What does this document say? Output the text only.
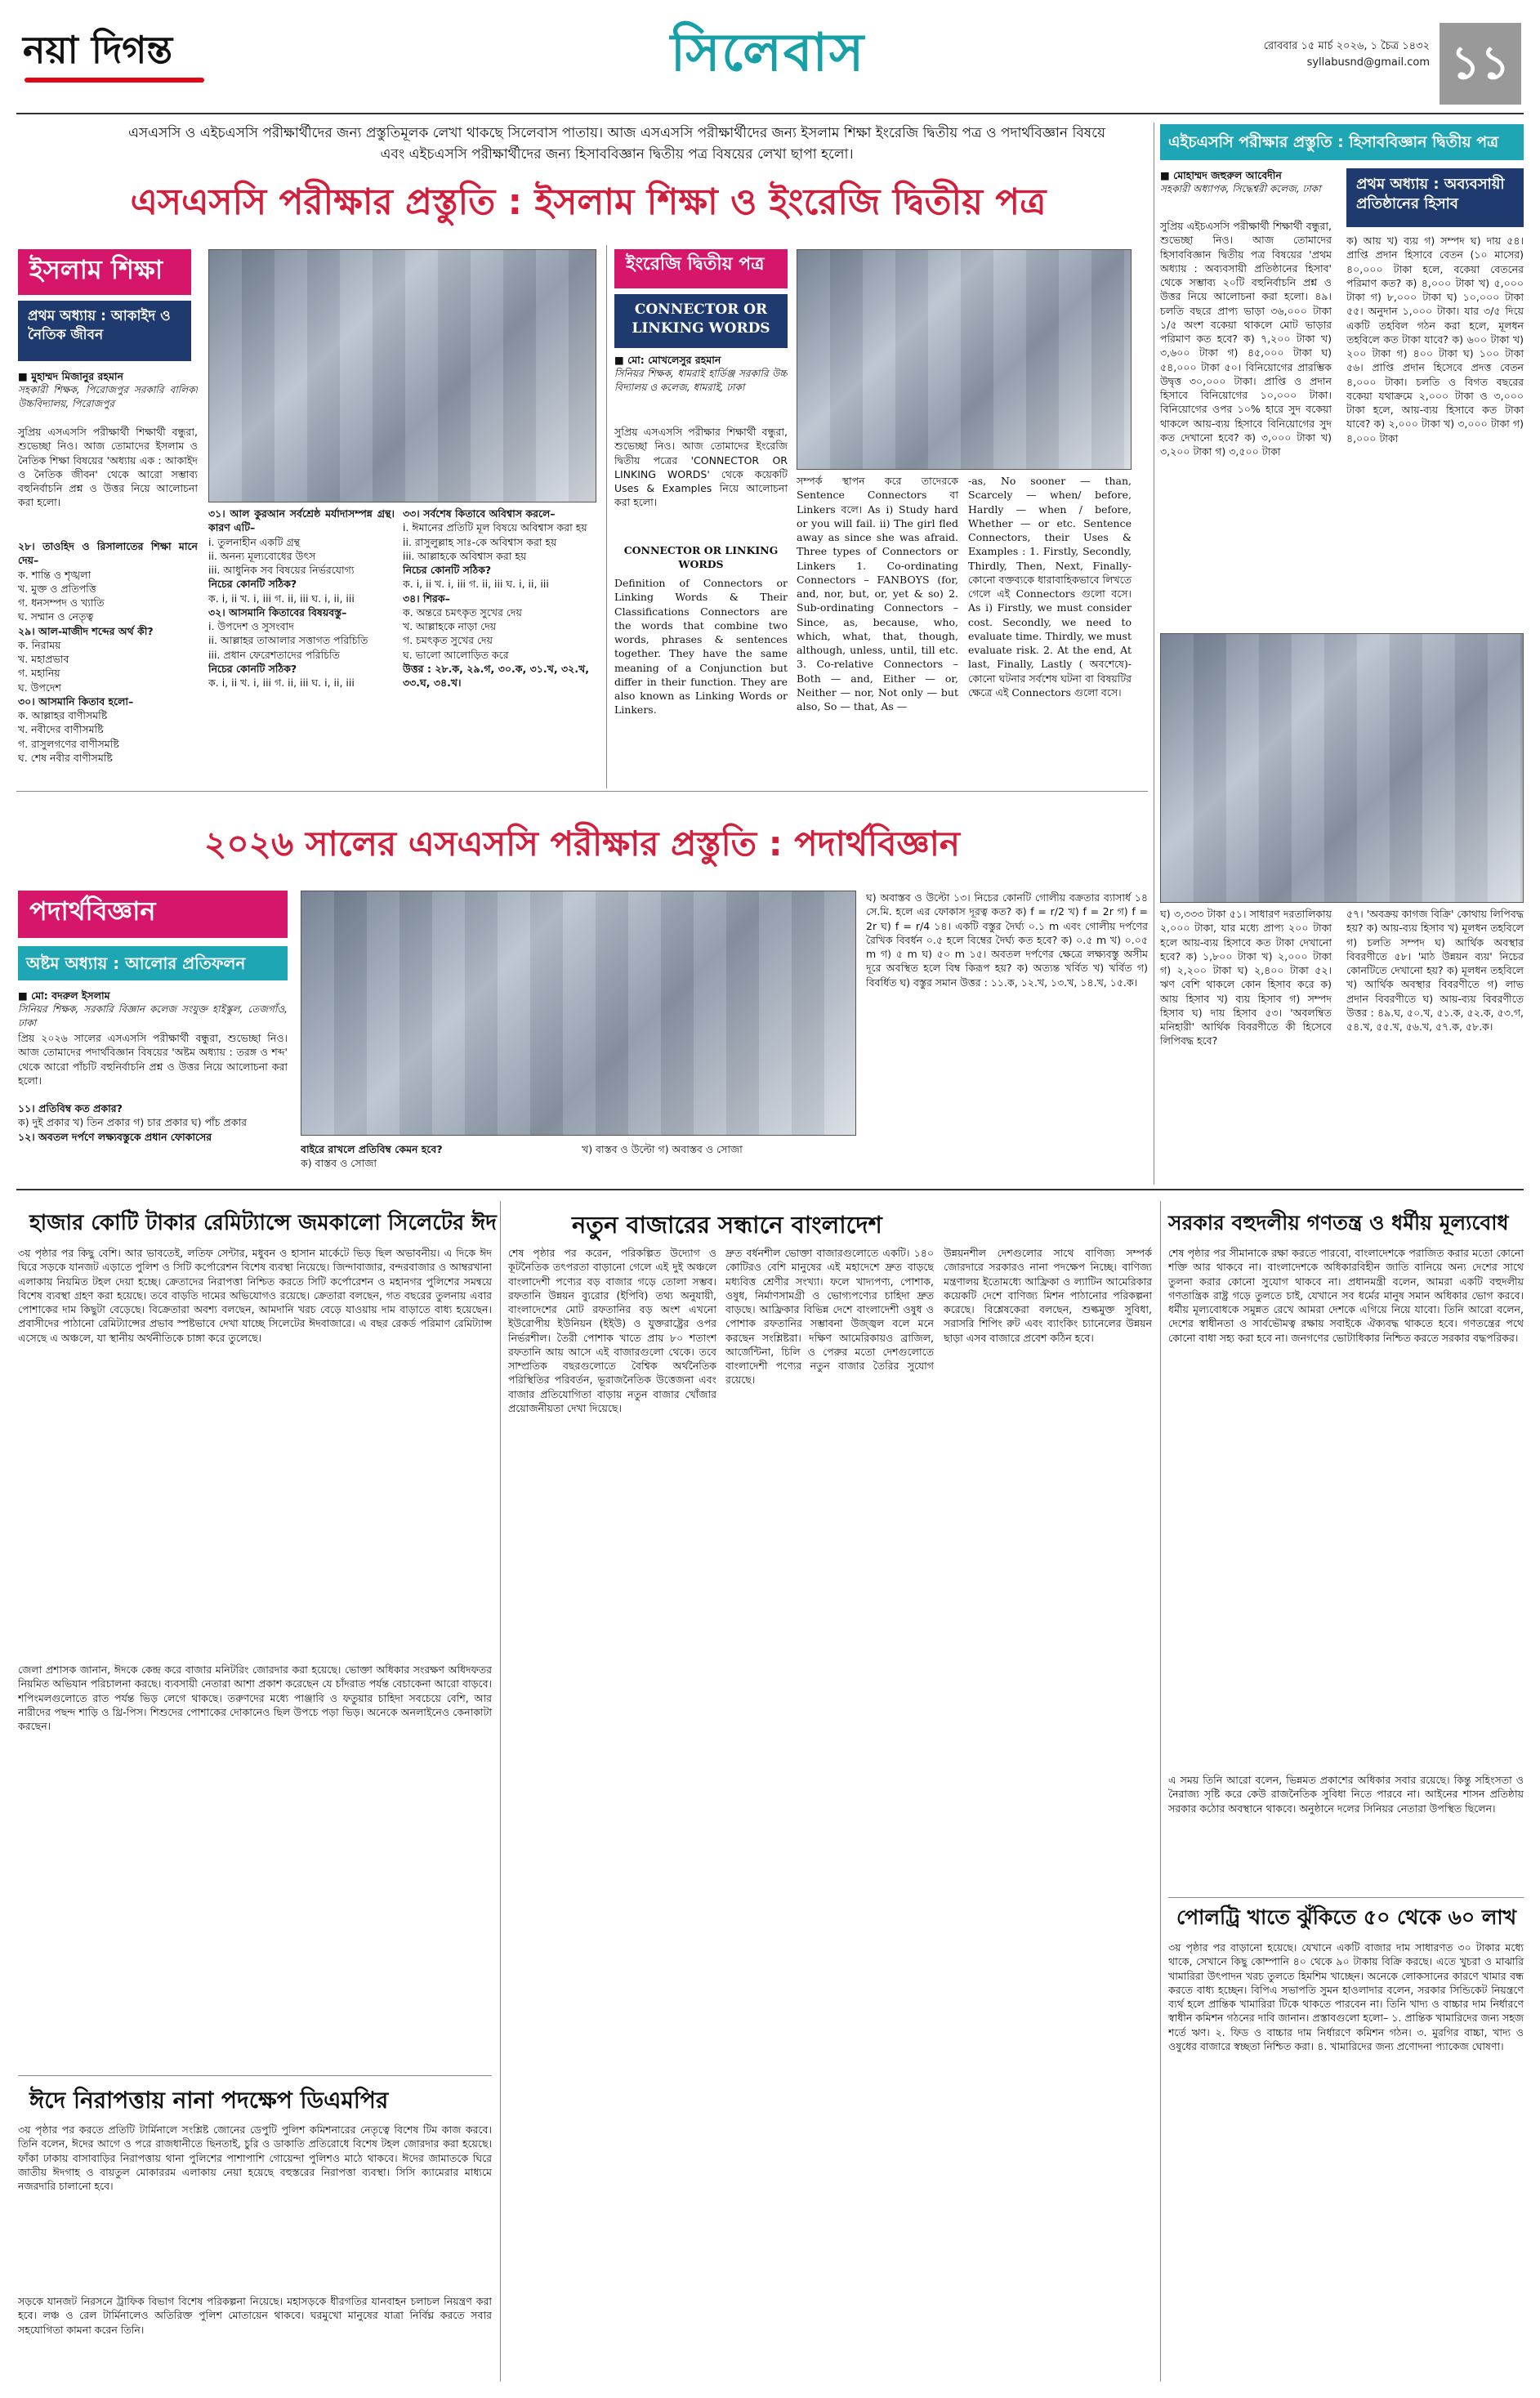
নয়া দিগন্ত	সিলেবাস	রোববার ১৫ মার্চ ২০২৬, ১ চৈত্র ১৪৩২
syllabusnd@gmail.com ১১
এসএসসি ও এইচএসসি পরীক্ষার্থীদের জন্য প্রস্তুতিমূলক লেখা থাকছে সিলেবাস পাতায়। আজ এসএসসি পরীক্ষার্থীদের জন্য ইসলাম শিক্ষা ইংরেজি দ্বিতীয় পত্র ও পদার্থবিজ্ঞান বিষয়ে এবং এইচএসসি পরীক্ষার্থীদের জন্য হিসাববিজ্ঞান দ্বিতীয় পত্র বিষয়ের লেখা ছাপা হলো।
এসএসসি পরীক্ষার প্রস্তুতি : ইসলাম শিক্ষা ও ইংরেজি দ্বিতীয় পত্র
ইসলাম শিক্ষা
প্রথম অধ্যায় : আকাইদ ও নৈতিক জীবন
■ মুহাম্মদ মিজানুর রহমান
সহকারী শিক্ষক, পিরোজপুর সরকারি বালিকা উচ্চবিদ্যালয়, পিরোজপুর
সুপ্রিয় এসএসসি পরীক্ষার্থী শিক্ষার্থী বন্ধুরা, শুভেচ্ছা নিও। আজ তোমাদের ইসলাম ও নৈতিক শিক্ষা বিষয়ের 'অধ্যায় এক : আকাইদ ও নৈতিক জীবন' থেকে আরো সম্ভাব্য বহুনির্বাচনি প্রশ্ন ও উত্তর নিয়ে আলোচনা করা হলো।
২৮। তাওহিদ ও রিসালাতের শিক্ষা মানে দেয়–
ক. শান্তি ও শৃঙ্খলা
খ. মুক্ত ও প্রতিপত্তি
গ. ধনসম্পদ ও খ্যাতি
ঘ. সম্মান ও নেতৃত্ব
২৯। আল-মাজীদ শব্দের অর্থ কী?
ক. নিরাময়
খ. মহাপ্রভাব
গ. মহানিয়
ঘ. উপদেশ
৩০। আসমানি কিতাব হলো–
ক. আল্লাহর বাণীসমষ্টি
খ. নবীদের বাণীসমষ্টি
গ. রাসুলগণের বাণীসমষ্টি
ঘ. শেষ নবীর বাণীসমষ্টি
৩১। আল কুরআন সর্বশ্রেষ্ঠ মর্যাদাসম্পন্ন গ্রন্থ। কারণ এটি–
i. তুলনাহীন একটি গ্রন্থ
ii. অনন্য মূল্যবোধের উৎস
iii. আধুনিক সব বিষয়ের নির্ভরযোগ্য
নিচের কোনটি সঠিক?
ক. i, ii খ. i, iii গ. ii, iii ঘ. i, ii, iii
৩২। আসমানি কিতাবের বিষয়বস্তু–
i. উপদেশ ও সুসংবাদ
ii. আল্লাহর তাআলার সত্তাগত পরিচিতি
iii. প্রধান ফেরেশতাদের পরিচিতি
নিচের কোনটি সঠিক?
ক. i, ii খ. i, iii গ. ii, iii ঘ. i, ii, iii
৩৩। সর্বশেষ কিতাবে অবিশ্বাস করলে–
i. ঈমানের প্রতিটি মূল বিষয়ে অবিশ্বাস করা হয়
ii. রাসুলুল্লাহ সাঃ-কে অবিশ্বাস করা হয়
iii. আল্লাহকে অবিশ্বাস করা হয়
নিচের কোনটি সঠিক?
ক. i, ii খ. i, iii গ. ii, iii ঘ. i, ii, iii
৩৪। শিরক–
ক. অন্তরে চমৎকৃত সুখের দেয়
খ. আল্লাহকে নাড়া দেয়
গ. চমৎকৃত সুখের দেয়
ঘ. ভালো আলোড়িত করে
উত্তর : ২৮.ক, ২৯.গ, ৩০.ক, ৩১.খ, ৩২.খ, ৩৩.ঘ, ৩৪.খ।
ইংরেজি দ্বিতীয় পত্র
CONNECTOR OR LINKING WORDS
■ মো: মোখলেসুর রহমান
সিনিয়র শিক্ষক, ধামরাই হার্ডিঞ্জ সরকারি উচ্চ বিদ্যালয় ও কলেজ, ধামরাই, ঢাকা
সুপ্রিয় এসএসসি পরীক্ষার শিক্ষার্থী বন্ধুরা, শুভেচ্ছা নিও। আজ তোমাদের ইংরেজি দ্বিতীয় পত্রের 'CONNECTOR OR LINKING WORDS' থেকে কয়েকটি Uses & Examples নিয়ে আলোচনা করা হলো।
CONNECTOR OR LINKING WORDS
Definition of Connectors or Linking Words & Their Classifications Connectors are the words that combine two words, phrases & sentences together. They have the same meaning of a Conjunction but differ in their function. They are also known as Linking Words or Linkers.
সম্পর্ক স্থাপন করে তাদেরকে Sentence Connectors বা Linkers বলে। As i) Study hard or you will fail. ii) The girl fled away as since she was afraid. Three types of Connectors or Linkers 1. Co-ordinating Connectors – FANBOYS (for, and, nor, but, or, yet & so) 2. Sub-ordinating Connectors –Since, as, because, who, which, what, that, though, although, unless, until, till etc. 3. Co-relative Connectors – Both — and, Either — or, Neither — nor, Not only — but also, So — that, As —
-as, No sooner — than, Scarcely — when/ before, Hardly — when / before, Whether — or etc. Sentence Connectors, their Uses & Examples : 1. Firstly, Secondly, Thirdly, Then, Next, Finally- কোনো বক্তব্যকে ধারাবাহিকভাবে লিখতে গেলে এই Connectors গুলো বসে। As i) Firstly, we must consider cost. Secondly, we need to evaluate time. Thirdly, we must evaluate risk. 2. At the end, At last, Finally, Lastly ( অবশেষে)- কোনো ঘটনার সর্বশেষ ঘটনা বা বিষয়টির ক্ষেত্রে এই Connectors গুলো বসে।
এইচএসসি পরীক্ষার প্রস্তুতি : হিসাববিজ্ঞান দ্বিতীয় পত্র
■ মোহাম্মদ জহুরুল আবেদীন
সহকারী অধ্যাপক, সিদ্ধেশ্বরী কলেজ, ঢাকা
সুপ্রিয় এইচএসসি পরীক্ষার্থী শিক্ষার্থী বন্ধুরা, শুভেচ্ছা নিও। আজ তোমাদের হিসাববিজ্ঞান দ্বিতীয় পত্র বিষয়ের 'প্রথম অধ্যায় : অব্যবসায়ী প্রতিষ্ঠানের হিসাব' থেকে সম্ভাব্য ২০টি বহুনির্বাচনি প্রশ্ন ও উত্তর নিয়ে আলোচনা করা হলো। ৪৯। চলতি বছরে প্রাপ্য ভাড়া ৩৬,০০০ টাকা ১/৫ অংশ বকেয়া থাকলে মোট ভাড়ার পরিমাণ কত হবে? ক) ৭,২০০ টাকা খ) ৩,৬০০ টাকা গ) ৪৫,০০০ টাকা ঘ) ৫৪,০০০ টাকা ৫০। বিনিয়োগের প্রারম্ভিক উদ্বৃত্ত ৩০,০০০ টাকা। প্রাপ্তি ও প্রদান হিসাবে বিনিয়োগের ১০,০০০ টাকা। বিনিয়োগের ওপর ১০% হারে সুদ বকেয়া থাকলে আয়-ব্যয় হিসাবে বিনিয়োগের সুদ কত দেখানো হবে? ক) ৩,০০০ টাকা খ) ৩,২০০ টাকা গ) ৩,৫০০ টাকা
প্রথম অধ্যায় : অব্যবসায়ী প্রতিষ্ঠানের হিসাব
ক) আয় খ) ব্যয় গ) সম্পদ ঘ) দায় ৫৪। প্রাপ্তি প্রদান হিসাবে বেতন (১০ মাসের) ৪০,০০০ টাকা হলে, বকেয়া বেতনের পরিমাণ কত? ক) ৪,০০০ টাকা খ) ৫,০০০ টাকা গ) ৮,০০০ টাকা ঘ) ১০,০০০ টাকা ৫৫। অনুদান ১,০০০ টাকা। যার ৩/৫ দিয়ে একটি তহবিল গঠন করা হলে, মূলধন তহবিলে কত টাকা যাবে? ক) ৬০০ টাকা খ) ২০০ টাকা গ) ৪০০ টাকা ঘ) ১০০ টাকা ৫৬। প্রাপ্তি প্রদান হিসেবে প্রদত্ত বেতন ৪,০০০ টাকা। চলতি ও বিগত বছরের বকেয়া যথাক্রমে ২,০০০ টাকা ও ৩,০০০ টাকা হলে, আয়-ব্যয় হিসাবে কত টাকা যাবে? ক) ২,০০০ টাকা খ) ৩,০০০ টাকা গ) ৪,০০০ টাকা
ঘ) ৩,৩৩৩ টাকা ৫১। সাধারণ দরতালিকায় ২,০০০ টাকা, যার মধ্যে প্রাপ্য ২০০ টাকা হলে আয়-ব্যয় হিসাবে কত টাকা দেখানো হবে? ক) ১,৮০০ টাকা খ) ২,০০০ টাকা গ) ২,২০০ টাকা ঘ) ২,৪০০ টাকা ৫২। ঋণ বেশি থাকলে কোন হিসাব করে ক) আয় হিসাব খ) ব্যয় হিসাব গ) সম্পদ হিসাব ঘ) দায় হিসাব ৫৩। 'অবলম্বিত মনিহারী' আর্থিক বিবরণীতে কী হিসেবে লিপিবদ্ধ হবে?
৫৭। 'অবক্রয় কাগজ বিক্রি' কোথায় লিপিবদ্ধ হয়? ক) আয়-ব্যয় হিসাব খ) মূলধন তহবিলে গ) চলতি সম্পদ ঘ) আর্থিক অবস্থার বিবরণীতে ৫৮। 'মাঠ উন্নয়ন ব্যয়' নিচের কোনটিতে দেখানো হয়? ক) মূলধন তহবিলে খ) আর্থিক অবস্থার বিবরণীতে গ) লাভ প্রদান বিবরণীতে ঘ) আয়-ব্যয় বিবরণীতে উত্তর : ৪৯.ঘ, ৫০.খ, ৫১.ক, ৫২.ক, ৫৩.গ, ৫৪.খ, ৫৫.খ, ৫৬.খ, ৫৭.ক, ৫৮.ক।
২০২৬ সালের এসএসসি পরীক্ষার প্রস্তুতি : পদার্থবিজ্ঞান
পদার্থবিজ্ঞান
অষ্টম অধ্যায় : আলোর প্রতিফলন
■ মো: বদরুল ইসলাম
সিনিয়র শিক্ষক, সরকারি বিজ্ঞান কলেজ সংযুক্ত হাইস্কুল, তেজগাঁও, ঢাকা
প্রিয় ২০২৬ সালের এসএসসি পরীক্ষার্থী বন্ধুরা, শুভেচ্ছা নিও। আজ তোমাদের পদার্থবিজ্ঞান বিষয়ের 'অষ্টম অধ্যায় : তরঙ্গ ও শব্দ' থেকে আরো পাঁচটি বহুনির্বাচনি প্রশ্ন ও উত্তর নিয়ে আলোচনা করা হলো।
১১। প্রতিবিম্ব কত প্রকার?
ক) দুই প্রকার খ) তিন প্রকার গ) চার প্রকার ঘ) পাঁচ প্রকার
১২। অবতল দর্পণে লক্ষ্যবস্তুকে প্রধান ফোকাসের
বাইরে রাখলে প্রতিবিম্ব কেমন হবে?
ক) বাস্তব ও সোজা
খ) বাস্তব ও উল্টো গ) অবাস্তব ও সোজা
ঘ) অবাস্তব ও উল্টো ১৩। নিচের কোনটি গোলীয় বক্রতার ব্যাসার্ধ ১৪ সে.মি. হলে এর ফোকাস দূরত্ব কত? ক) f = r/2 খ) f = 2r গ) f = 2r ঘ) f = r/4 ১৪। একটি বস্তুর দৈর্ঘ্য ০.১ m এবং গোলীয় দর্পণের রৈখিক বিবর্ধন ০.৫ হলে বিম্বের দৈর্ঘ্য কত হবে? ক) ০.৫ m খ) ০.০৫ m গ) ৫ m ঘ) ৫০ m ১৫। অবতল দর্পণের ক্ষেত্রে লক্ষ্যবস্তু অসীম দূরে অবস্থিত হলে বিম্ব কিরূপ হয়? ক) অত্যন্ত খর্বিত খ) খর্বিত গ) বিবর্ধিত ঘ) বস্তুর সমান উত্তর : ১১.ক, ১২.খ, ১৩.খ, ১৪.খ, ১৫.ক।
হাজার কোটি টাকার রেমিট্যান্সে জমকালো সিলেটের ঈদ
৩য় পৃষ্ঠার পর কিছু বেশি। আর ভাবতেই, লতিফ সেন্টার, মধুবন ও হাসান মার্কেটে ভিড় ছিল অভাবনীয়। এ দিকে ঈদ ঘিরে সড়কে যানজট এড়াতে পুলিশ ও সিটি কর্পোরেশন বিশেষ ব্যবস্থা নিয়েছে। জিন্দাবাজার, বন্দরবাজার ও আম্বরখানা এলাকায় নিয়মিত টহল দেয়া হচ্ছে। ক্রেতাদের নিরাপত্তা নিশ্চিত করতে সিটি কর্পোরেশন ও মহানগর পুলিশের সমন্বয়ে বিশেষ ব্যবস্থা গ্রহণ করা হয়েছে। তবে বাড়তি দামের অভিযোগও রয়েছে। ক্রেতারা বলছেন, গত বছরের তুলনায় এবার পোশাকের দাম কিছুটা বেড়েছে। বিক্রেতারা অবশ্য বলছেন, আমদানি খরচ বেড়ে যাওয়ায় দাম বাড়াতে বাধ্য হয়েছেন। প্রবাসীদের পাঠানো রেমিট্যান্সের প্রভাব স্পষ্টভাবে দেখা যাচ্ছে সিলেটের ঈদবাজারে। এ বছর রেকর্ড পরিমাণ রেমিট্যান্স এসেছে এ অঞ্চলে, যা স্থানীয় অর্থনীতিকে চাঙ্গা করে তুলেছে।
জেলা প্রশাসক জানান, ঈদকে কেন্দ্র করে বাজার মনিটরিং জোরদার করা হয়েছে। ভোক্তা অধিকার সংরক্ষণ অধিদফতর নিয়মিত অভিযান পরিচালনা করছে। ব্যবসায়ী নেতারা আশা প্রকাশ করেছেন যে চাঁদরাত পর্যন্ত বেচাকেনা আরো বাড়বে। শপিংমলগুলোতে রাত পর্যন্ত ভিড় লেগে থাকছে। তরুণদের মধ্যে পাঞ্জাবি ও ফতুয়ার চাহিদা সবচেয়ে বেশি, আর নারীদের পছন্দ শাড়ি ও থ্রি-পিস। শিশুদের পোশাকের দোকানেও ছিল উপচে পড়া ভিড়। অনেকে অনলাইনেও কেনাকাটা করছেন।
নতুন বাজারের সন্ধানে বাংলাদেশ
শেষ পৃষ্ঠার পর করেন, পরিকল্পিত উদ্যোগ ও কূটনৈতিক তৎপরতা বাড়ানো গেলে এই দুই অঞ্চলে বাংলাদেশী পণ্যের বড় বাজার গড়ে তোলা সম্ভব। রফতানি উন্নয়ন ব্যুরোর (ইপিবি) তথ্য অনুযায়ী, বাংলাদেশের মোট রফতানির বড় অংশ এখনো ইউরোপীয় ইউনিয়ন (ইইউ) ও যুক্তরাষ্ট্রের ওপর নির্ভরশীল। তৈরী পোশাক খাতে প্রায় ৮০ শতাংশ রফতানি আয় আসে এই বাজারগুলো থেকে। তবে সাম্প্রতিক বছরগুলোতে বৈশ্বিক অর্থনৈতিক পরিস্থিতির পরিবর্তন, ভূরাজনৈতিক উত্তেজনা এবং বাজার প্রতিযোগিতা বাড়ায় নতুন বাজার খোঁজার প্রয়োজনীয়তা দেখা দিয়েছে।
দ্রুত বর্ধনশীল ভোক্তা বাজারগুলোতে একটি। ১৪০ কোটিরও বেশি মানুষের এই মহাদেশে দ্রুত বাড়ছে মধ্যবিত্ত শ্রেণীর সংখ্যা। ফলে খাদ্যপণ্য, পোশাক, ওষুধ, নির্মাণসামগ্রী ও ভোগ্যপণ্যের চাহিদা দ্রুত বাড়ছে। আফ্রিকার বিভিন্ন দেশে বাংলাদেশী ওষুধ ও পোশাক রফতানির সম্ভাবনা উজ্জ্বল বলে মনে করছেন সংশ্লিষ্টরা। দক্ষিণ আমেরিকায়ও ব্রাজিল, আর্জেন্টিনা, চিলি ও পেরুর মতো দেশগুলোতে বাংলাদেশী পণ্যের নতুন বাজার তৈরির সুযোগ রয়েছে।
উন্নয়নশীল দেশগুলোর সাথে বাণিজ্য সম্পর্ক জোরদারে সরকারও নানা পদক্ষেপ নিচ্ছে। বাণিজ্য মন্ত্রণালয় ইতোমধ্যে আফ্রিকা ও ল্যাটিন আমেরিকার কয়েকটি দেশে বাণিজ্য মিশন পাঠানোর পরিকল্পনা করেছে। বিশ্লেষকেরা বলছেন, শুল্কমুক্ত সুবিধা, সরাসরি শিপিং রুট এবং ব্যাংকিং চ্যানেলের উন্নয়ন ছাড়া এসব বাজারে প্রবেশ কঠিন হবে।
সরকার বহুদলীয় গণতন্ত্র ও ধর্মীয় মূল্যবোধ
শেষ পৃষ্ঠার পর সীমানাকে রক্ষা করতে পারবো, বাংলাদেশকে পরাজিত করার মতো কোনো শক্তি আর থাকবে না। বাংলাদেশকে অধিকারবিহীন জাতি বানিয়ে অন্য দেশের সাথে তুলনা করার কোনো সুযোগ থাকবে না। প্রধানমন্ত্রী বলেন, আমরা একটি বহুদলীয় গণতান্ত্রিক রাষ্ট্র গড়ে তুলতে চাই, যেখানে সব ধর্মের মানুষ সমান অধিকার ভোগ করবে। ধর্মীয় মূল্যবোধকে সমুন্নত রেখে আমরা দেশকে এগিয়ে নিয়ে যাবো। তিনি আরো বলেন, দেশের স্বাধীনতা ও সার্বভৌমত্ব রক্ষায় সবাইকে ঐক্যবদ্ধ থাকতে হবে। গণতন্ত্রের পথে কোনো বাধা সহ্য করা হবে না। জনগণের ভোটাধিকার নিশ্চিত করতে সরকার বদ্ধপরিকর।
এ সময় তিনি আরো বলেন, ভিন্নমত প্রকাশের অধিকার সবার রয়েছে। কিন্তু সহিংসতা ও নৈরাজ্য সৃষ্টি করে কেউ রাজনৈতিক সুবিধা নিতে পারবে না। আইনের শাসন প্রতিষ্ঠায় সরকার কঠোর অবস্থানে থাকবে। অনুষ্ঠানে দলের সিনিয়র নেতারা উপস্থিত ছিলেন।
পোলট্রি খাতে ঝুঁকিতে ৫০ থেকে ৬০ লাখ
৩য় পৃষ্ঠার পর বাড়ানো হয়েছে। যেখানে একটি বাজার দাম সাধারণত ৩০ টাকার মধ্যে থাকে, সেখানে কিছু কোম্পানি ৪০ থেকে ৯০ টাকায় বিক্রি করছে। এতে খুচরা ও মাঝারি খামারিরা উৎপাদন খরচ তুলতে হিমশিম খাচ্ছেন। অনেকে লোকসানের কারণে খামার বন্ধ করতে বাধ্য হচ্ছেন। বিপিএ সভাপতি সুমন হাওলাদার বলেন, সরকার সিন্ডিকেট নিয়ন্ত্রণে ব্যর্থ হলে প্রান্তিক খামারিরা টিকে থাকতে পারবেন না। তিনি খাদ্য ও বাচ্চার দাম নির্ধারণে স্বাধীন কমিশন গঠনের দাবি জানান। প্রস্তাবগুলো হলো– ১. প্রান্তিক খামারিদের জন্য সহজ শর্তে ঋণ। ২. ফিড ও বাচ্চার দাম নির্ধারণে কমিশন গঠন। ৩. মুরগির বাচ্চা, খাদ্য ও ওষুধের বাজারে স্বচ্ছতা নিশ্চিত করা। ৪. খামারিদের জন্য প্রণোদনা প্যাকেজ ঘোষণা।
ঈদে নিরাপত্তায় নানা পদক্ষেপ ডিএমপির
৩য় পৃষ্ঠার পর করতে প্রতিটি টার্মিনালে সংশ্লিষ্ট জোনের ডেপুটি পুলিশ কমিশনারের নেতৃত্বে বিশেষ টিম কাজ করবে। তিনি বলেন, ঈদের আগে ও পরে রাজধানীতে ছিনতাই, চুরি ও ডাকাতি প্রতিরোধে বিশেষ টহল জোরদার করা হয়েছে। ফাঁকা ঢাকায় বাসাবাড়ির নিরাপত্তায় থানা পুলিশের পাশাপাশি গোয়েন্দা পুলিশও মাঠে থাকবে। ঈদের জামাতকে ঘিরে জাতীয় ঈদগাহ ও বায়তুল মোকাররম এলাকায় নেয়া হয়েছে বহুস্তরের নিরাপত্তা ব্যবস্থা। সিসি ক্যামেরার মাধ্যমে নজরদারি চালানো হবে।
সড়কে যানজট নিরসনে ট্রাফিক বিভাগ বিশেষ পরিকল্পনা নিয়েছে। মহাসড়কে ধীরগতির যানবাহন চলাচল নিয়ন্ত্রণ করা হবে। লঞ্চ ও রেল টার্মিনালেও অতিরিক্ত পুলিশ মোতায়েন থাকবে। ঘরমুখো মানুষের যাত্রা নির্বিঘ্ন করতে সবার সহযোগিতা কামনা করেন তিনি।
